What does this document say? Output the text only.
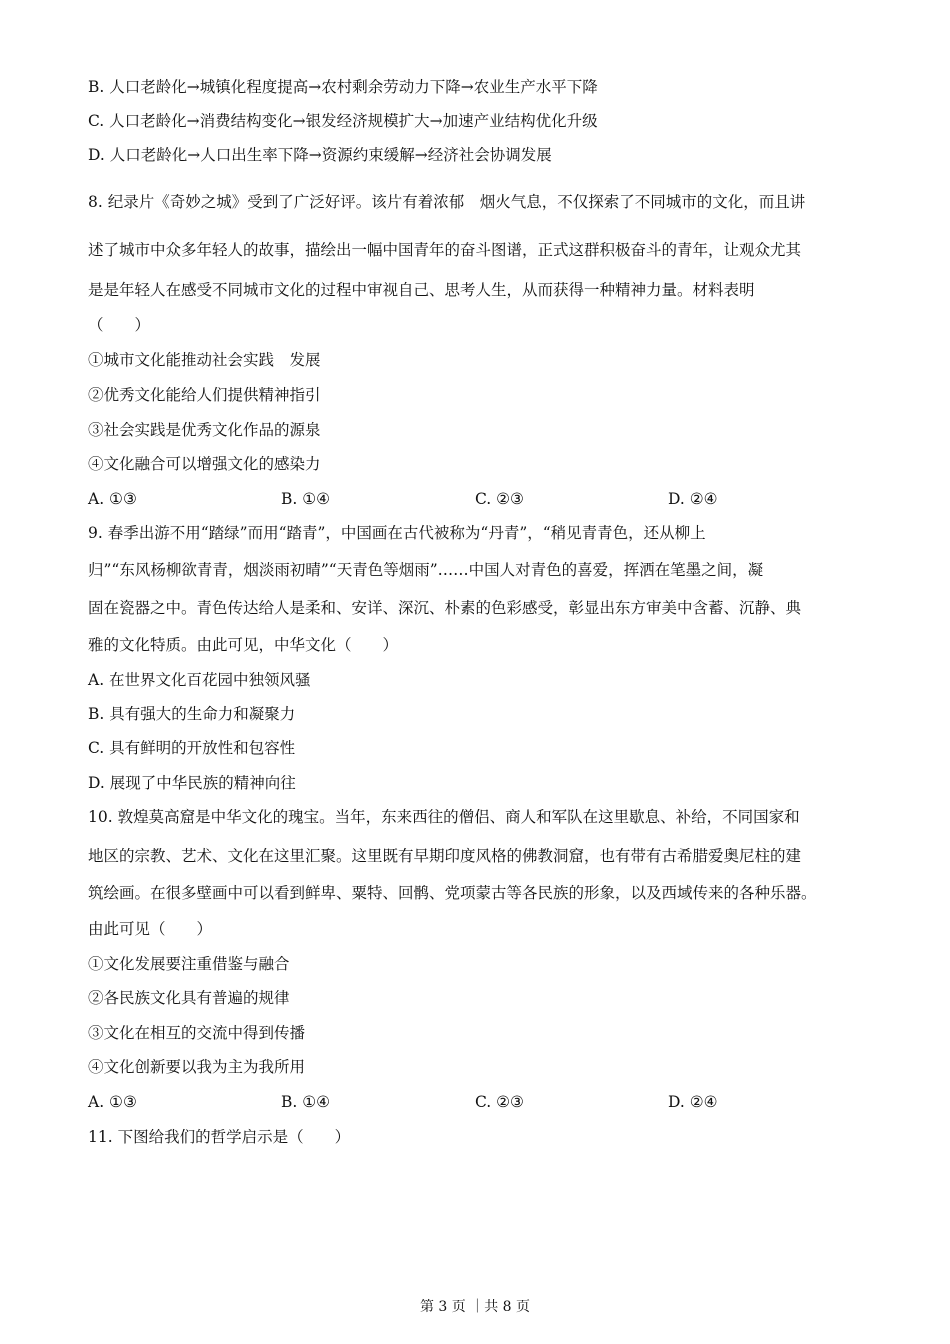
B. 人口老龄化→城镇化程度提高→农村剩余劳动力下降→农业生产水平下降
C. 人口老龄化→消费结构变化→银发经济规模扩大→加速产业结构优化升级
D. 人口老龄化→人口出生率下降→资源约束缓解→经济社会协调发展
8. 纪录片《奇妙之城》受到了广泛好评。该片有着浓郁　烟火气息，不仅探索了不同城市的文化，而且讲
述了城市中众多年轻人的故事，描绘出一幅中国青年的奋斗图谱，正式这群积极奋斗的青年，让观众尤其
是是年轻人在感受不同城市文化的过程中审视自己、思考人生，从而获得一种精神力量。材料表明
（　　）
①城市文化能推动社会实践　发展
②优秀文化能给人们提供精神指引
③社会实践是优秀文化作品的源泉
④文化融合可以增强文化的感染力
A. ①③	B. ①④	C. ②③	D. ②④
9. 春季出游不用“踏绿”而用“踏青”，中国画在古代被称为“丹青”，“稍见青青色，还从柳上
归”“东风杨柳欲青青，烟淡雨初晴”“天青色等烟雨”……中国人对青色的喜爱，挥洒在笔墨之间，凝
固在瓷器之中。青色传达给人是柔和、安详、深沉、朴素的色彩感受，彰显出东方审美中含蓄、沉静、典
雅的文化特质。由此可见，中华文化（　　）
A. 在世界文化百花园中独领风骚
B. 具有强大的生命力和凝聚力
C. 具有鲜明的开放性和包容性
D. 展现了中华民族的精神向往
10. 敦煌莫高窟是中华文化的瑰宝。当年，东来西往的僧侣、商人和军队在这里歇息、补给，不同国家和
地区的宗教、艺术、文化在这里汇聚。这里既有早期印度风格的佛教洞窟，也有带有古希腊爱奥尼柱的建
筑绘画。在很多壁画中可以看到鲜卑、粟特、回鹘、党项蒙古等各民族的形象，以及西域传来的各种乐器。
由此可见（　　）
①文化发展要注重借鉴与融合
②各民族文化具有普遍的规律
③文化在相互的交流中得到传播
④文化创新要以我为主为我所用
A. ①③	B. ①④	C. ②③	D. ②④
11. 下图给我们的哲学启示是（　　）
第 3 页 ｜共 8 页
